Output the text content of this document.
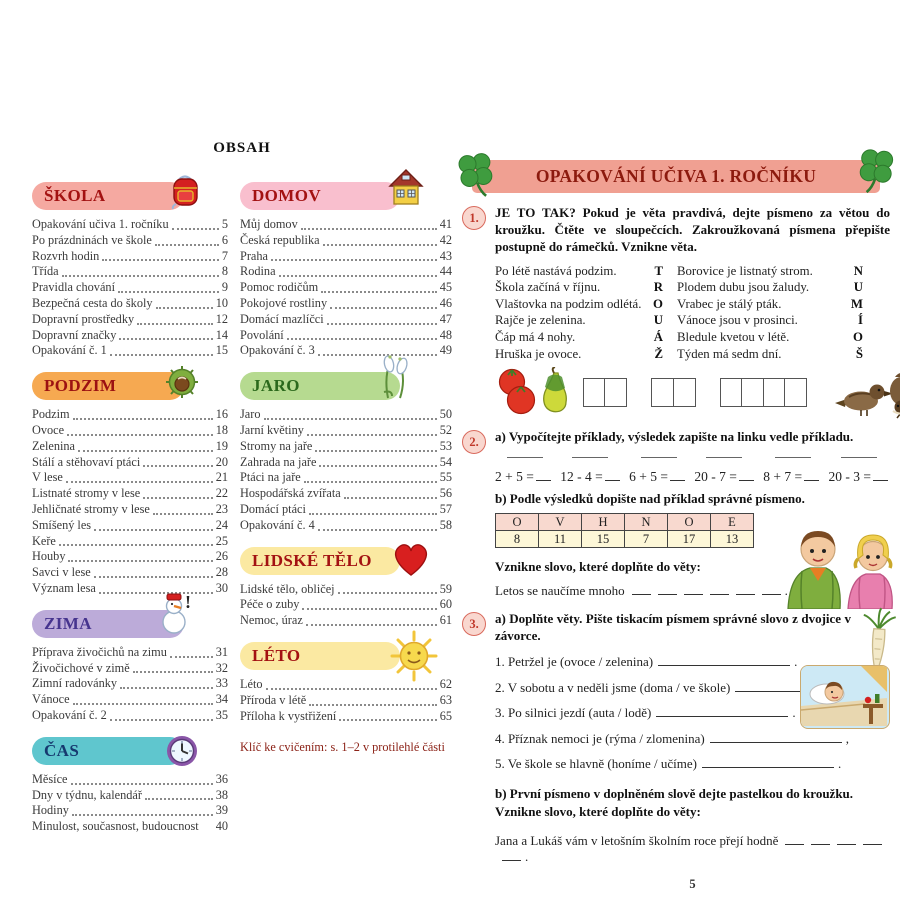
OBSAH
ŠKOLA
Opakování učiva 1. ročníku	5
Po prázdninách ve škole	6
Rozvrh hodin	7
Třída	8
Pravidla chování	9
Bezpečná cesta do školy	10
Dopravní prostředky	12
Dopravní značky	14
Opakování č. 1	15
PODZIM
Podzim	16
Ovoce	18
Zelenina	19
Stálí a stěhovaví ptáci	20
V lese	21
Listnaté stromy v lese	22
Jehličnaté stromy v lese	23
Smíšený les	24
Keře	25
Houby	26
Savci v lese	28
Význam lesa	30
ZIMA
!
Příprava živočichů na zimu	31
Živočichové v zimě	32
Zimní radovánky	33
Vánoce	34
Opakování č. 2	35
ČAS
Měsíce	36
Dny v týdnu, kalendář	38
Hodiny	39
Minulost, současnost, budoucnost 40
DOMOV
Můj domov	41
Česká republika	42
Praha	43
Rodina	44
Pomoc rodičům	45
Pokojové rostliny	46
Domácí mazlíčci	47
Povolání	48
Opakování č. 3	49
JARO
Jaro	50
Jarní květiny	52
Stromy na jaře	53
Zahrada na jaře	54
Ptáci na jaře	55
Hospodářská zvířata	56
Domácí ptáci	57
Opakování č. 4	58
LIDSKÉ TĚLO
Lidské tělo, obličej	59
Péče o zuby	60
Nemoc, úraz	61
LÉTO
Léto	62
Příroda v létě	63
Příloha k vystřižení	65
Klíč ke cvičením: s. 1–2 v protilehlé části
OPAKOVÁNÍ UČIVA 1. ROČNÍKU
1.	JE TO TAK? Pokud je věta pravdivá, dejte písmeno za větou do kroužku. Čtěte ve sloupečcích. Zakroužkovaná písmena přepište postupně do rámečků. Vznikne věta.

Po létě nastává podzim.	T
Škola začíná v říjnu.	R
Vlaštovka na podzim odlétá. O
Rajče je zelenina.	U
Čáp má 4 nohy.	Á
Hruška je ovoce.	Ž
Borovice je listnatý strom.	N
Plodem dubu jsou žaludy.	U
Vrabec je stálý pták.	M
Vánoce jsou v prosinci.	Í
Bledule kvetou v létě.	O
Týden má sedm dní.	Š
2.	a) Vypočítejte příklady, výsledek zapište na linku vedle příkladu.

2 + 5 =	12 - 4 =	6 + 5 =	20 - 7 =	8 + 7 =	20 - 3 =

b) Podle výsledků dopište nad příklad správné písmeno.

O	V	H	N	O	E
8	11	15	7	17	13

Vznikne slovo, které doplňte do věty:

Letos se naučíme mnoho	.
3.	a) Doplňte věty. Pište tiskacím písmem správné slovo z dvojice v závorce.

1. Petržel je (ovoce / zelenina)	.
2. V sobotu a v neděli jsme (doma / ve škole)
3. Po silnici jezdí (auta / lodě)	.
4. Příznak nemoci je (rýma / zlomenina)	,
5. Ve škole se hlavně (honíme / učíme)	.

b) První písmeno v doplněném slově dejte pastelkou do kroužku. Vznikne slovo, které doplňte do věty:

Jana a Lukáš vám v letošním školním roce přejí hodně.
5
